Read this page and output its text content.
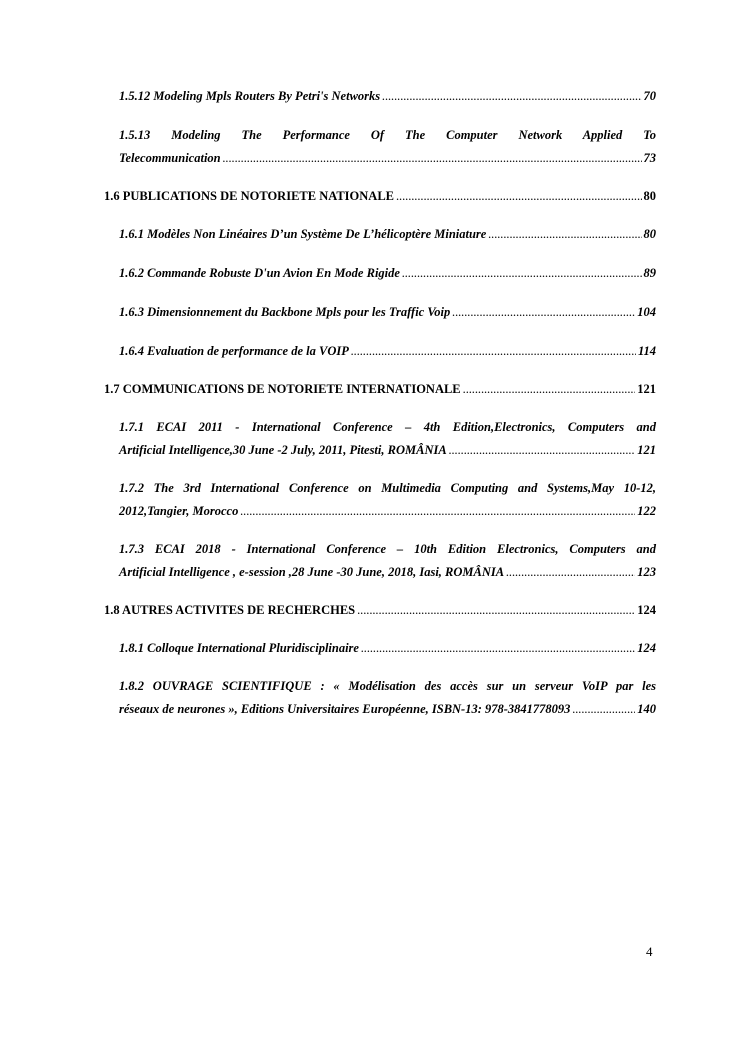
1.5.12 Modeling Mpls Routers By Petri's Networks . . .	70
1.5.13 Modeling The Performance Of The Computer Network Applied To
Telecommunication . . .	73
1.6 PUBLICATIONS DE NOTORIETE NATIONALE . . .	80
1.6.1 Modèles Non Linéaires D’un Système De L’hélicoptère Miniature . . .	80
1.6.2 Commande Robuste D'un Avion En Mode Rigide . . .	89
1.6.3 Dimensionnement du Backbone Mpls pour les Traffic Voip . . .	104
1.6.4 Evaluation de performance de la VOIP . . .	114
1.7 COMMUNICATIONS DE NOTORIETE INTERNATIONALE . . .	121
1.7.1 ECAI 2011 - International Conference – 4th Edition,Electronics, Computers and
Artificial Intelligence,30 June -2 July, 2011, Pitesti, ROMÂNIA . . .	121
1.7.2 The 3rd International Conference on Multimedia Computing and Systems,May 10-12,
2012,Tangier, Morocco . . .	122
1.7.3 ECAI 2018 - International Conference – 10th Edition Electronics, Computers and
Artificial Intelligence , e-session ,28 June -30 June, 2018, Iasi, ROMÂNIA . . .	123
1.8 AUTRES ACTIVITES DE RECHERCHES . . .	124
1.8.1 Colloque International Pluridisciplinaire . . .	124
1.8.2 OUVRAGE SCIENTIFIQUE : « Modélisation des accès sur un serveur VoIP par les
réseaux de neurones », Editions Universitaires Européenne, ISBN-13: 978-3841778093 . . .	140
4
